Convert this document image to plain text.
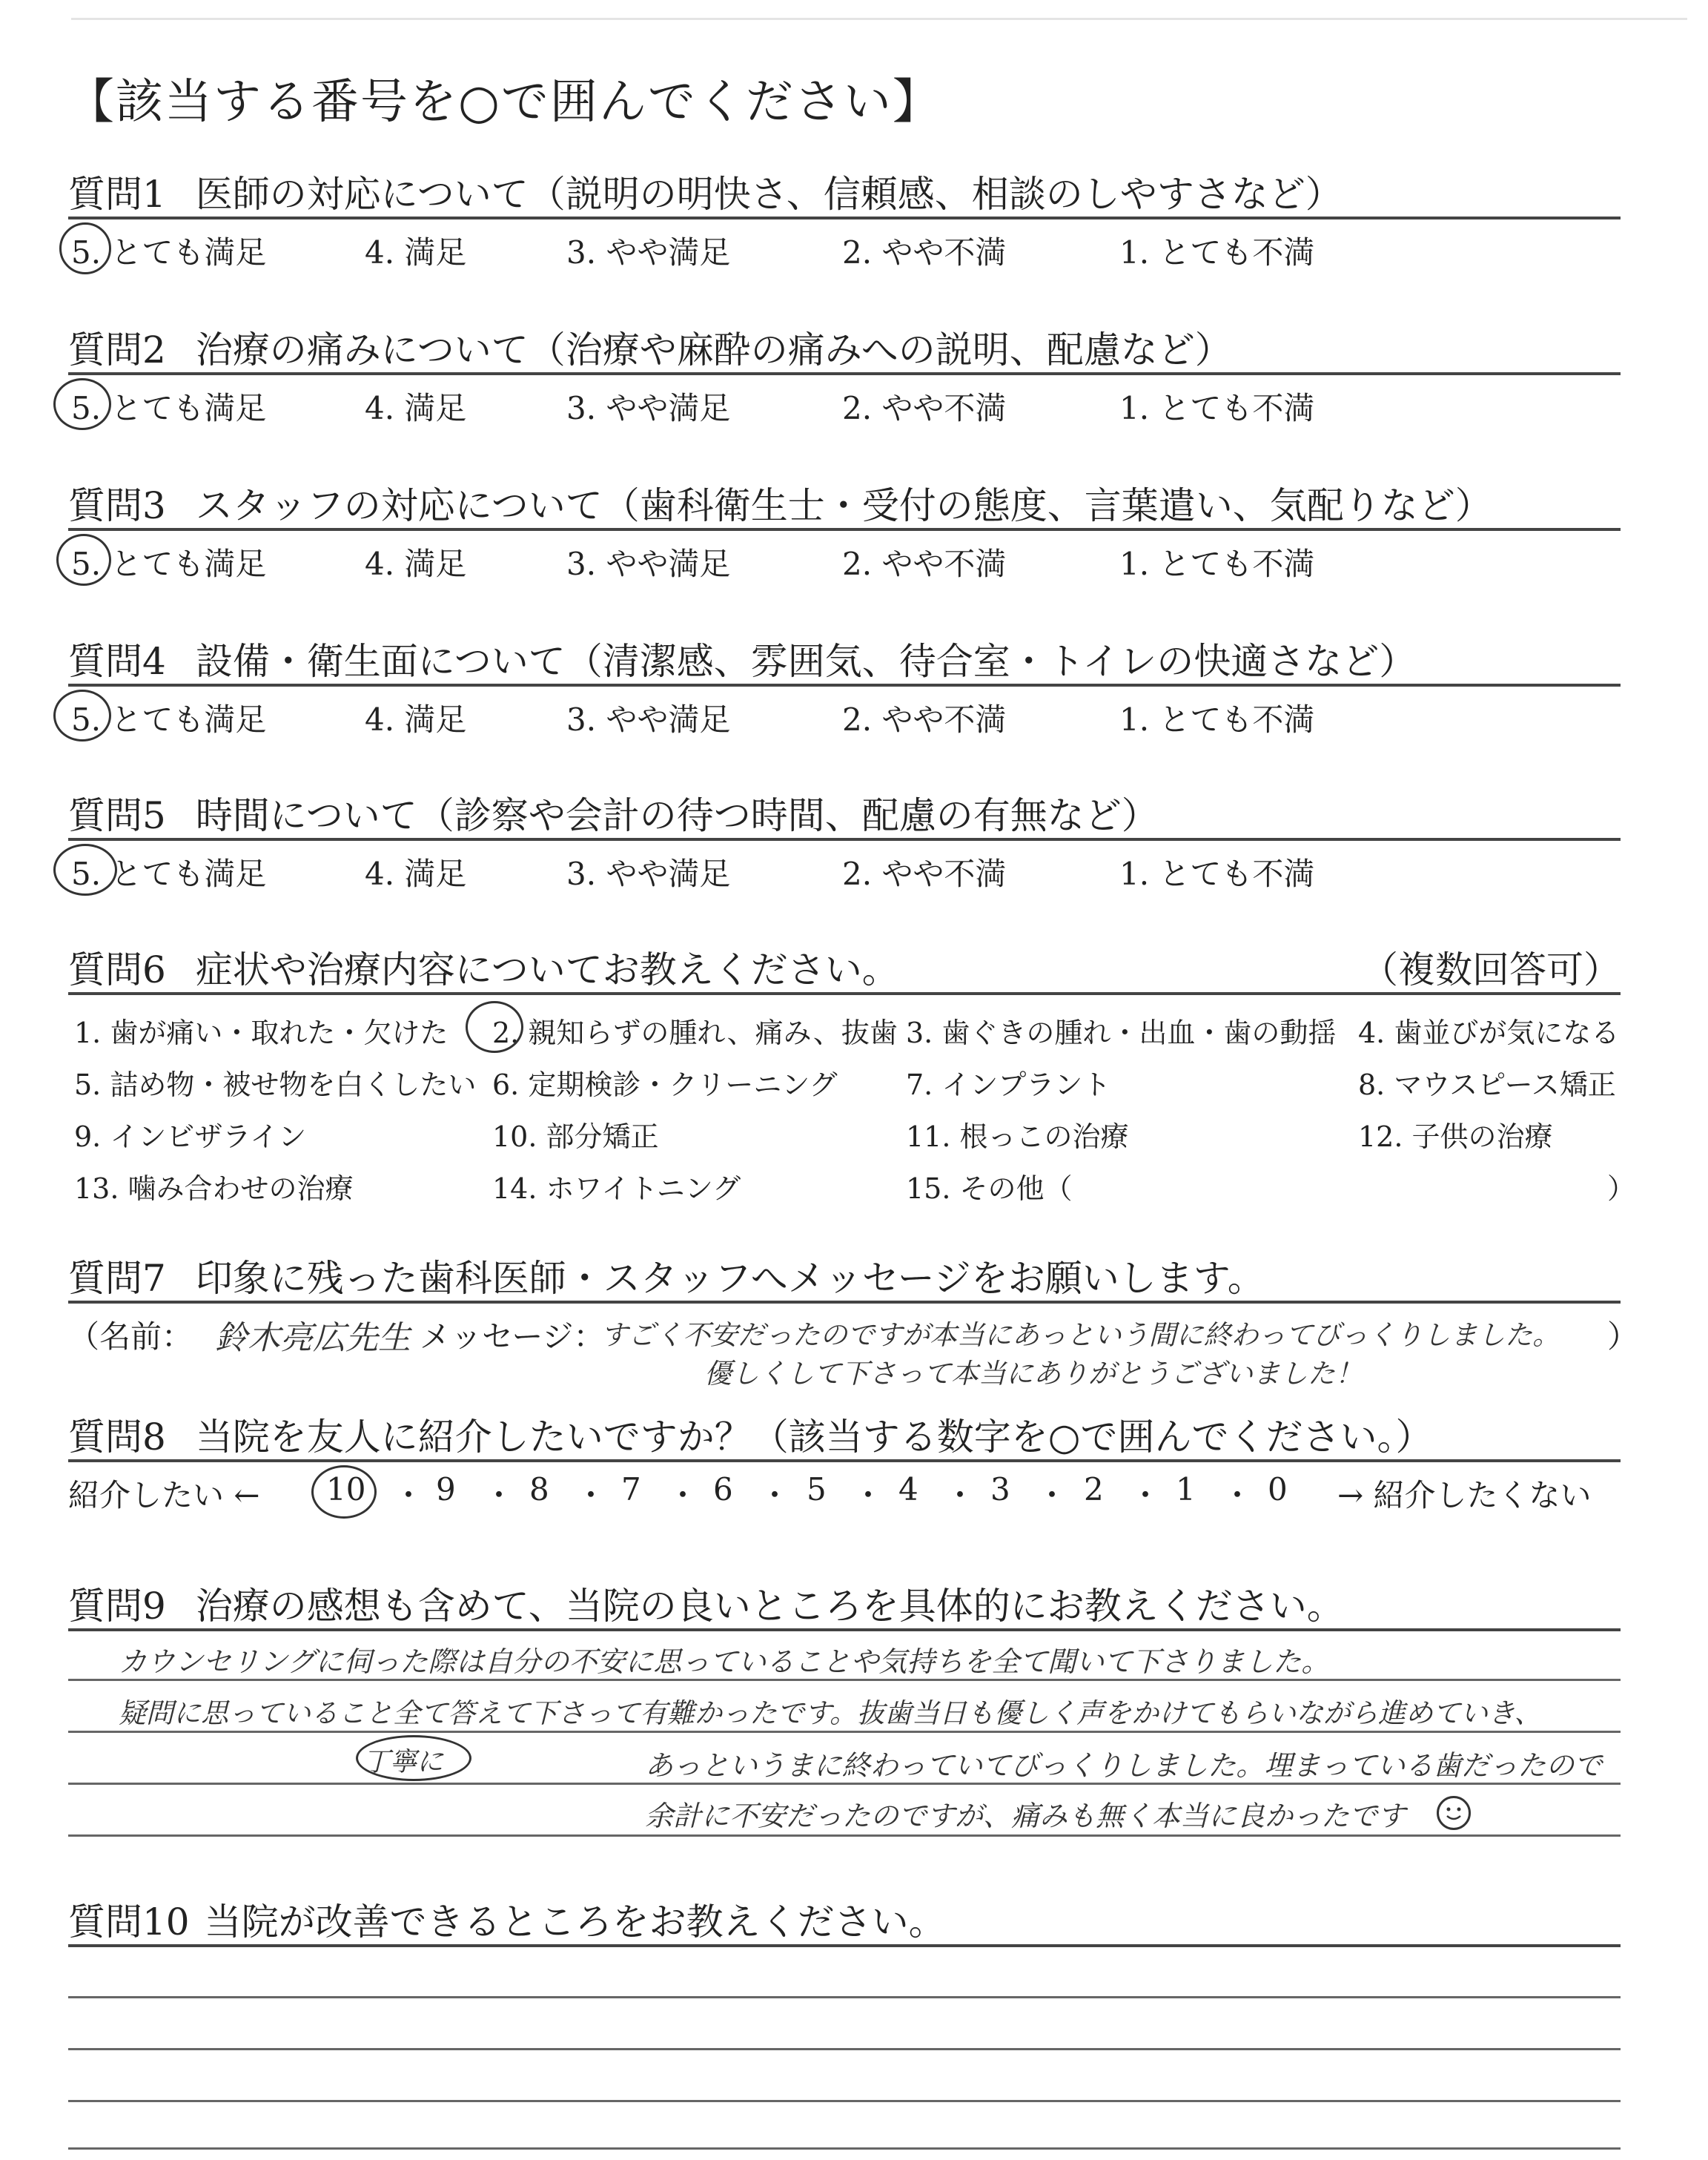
【該当する番号を○で囲んでください】
質問1 医師の対応について（説明の明快さ、信頼感、相談のしやすさなど）
5. とても満足	4. 満足	3. やや満足	2. やや不満	1. とても不満
質問2 治療の痛みについて（治療や麻酔の痛みへの説明、配慮など）
5. とても満足	4. 満足	3. やや満足	2. やや不満	1. とても不満
質問3 スタッフの対応について（歯科衛生士・受付の態度、言葉遣い、気配りなど）
5. とても満足	4. 満足	3. やや満足	2. やや不満	1. とても不満
質問4 設備・衛生面について（清潔感、雰囲気、待合室・トイレの快適さなど）
5. とても満足	4. 満足	3. やや満足	2. やや不満	1. とても不満
質問5 時間について（診察や会計の待つ時間、配慮の有無など）
5. とても満足	4. 満足	3. やや満足	2. やや不満	1. とても不満
質問6 症状や治療内容についてお教えください。	（複数回答可）
1. 歯が痛い・取れた・欠けた 2. 親知らずの腫れ、痛み、抜歯 3. 歯ぐきの腫れ・出血・歯の動揺 4. 歯並びが気になる
5. 詰め物・被せ物を白くしたい 6. 定期検診・クリーニング 7. インプラント	8. マウスピース矯正
9. インビザライン	10. 部分矯正	11. 根っこの治療	12. 子供の治療
13. 噛み合わせの治療	14. ホワイトニング	15. その他（	）
質問7 印象に残った歯科医師・スタッフへメッセージをお願いします。
（名前： 鈴木亮広先生 メッセージ：
すごく不安だったのですが本当にあっという間に終わってびっくりしました。 ）
優しくして下さって本当にありがとうございました！
質問8 当院を友人に紹介したいですか？（該当する数字を○で囲んでください。）
紹介したい ← 10 ・ 9 ・ 8 ・ 7 ・ 6 ・ 5 ・ 4 ・ 3 ・ 2 ・ 1 ・ 0 → 紹介したくない
質問9 治療の感想も含めて、当院の良いところを具体的にお教えください。
カウンセリングに伺った際は自分の不安に思っていることや気持ちを全て聞いて下さりました。
疑問に思っていること全て答えて下さって有難かったです。抜歯当日も優しく声をかけてもらいながら進めていき、
丁寧に	あっというまに終わっていてびっくりしました。埋まっている歯だったので
余計に不安だったのですが、痛みも無く本当に良かったです
質問10 当院が改善できるところをお教えください。
